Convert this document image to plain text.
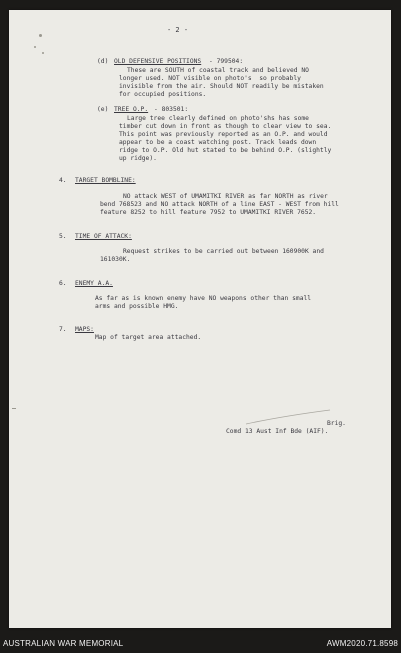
- 2 -
(d) OLD DEFENSIVE POSITIONS - 799504:
These are SOUTH of coastal track and believed NO
longer used. NOT visible on photo's  so probably
invisible from the air. Should NOT readily be mistaken
for occupied positions.
(e) TREE O.P. - 803501:
Large tree clearly defined on photo'shs has some
timber cut down in front as though to clear view to sea.
This point was previously reported as an O.P. and would
appear to be a coast watching post. Track leads down
ridge to O.P. Old hut stated to be behind O.P. (slightly
up ridge).
4. TARGET BOMBLINE:
NO attack WEST of UMAMITKI RIVER as far NORTH as river
bend 768523 and NO attack NORTH of a line EAST - WEST from hill
feature 8252 to hill feature 7952 to UMAMITKI RIVER 7652.
5. TIME OF ATTACK:
Request strikes to be carried out between 160900K and
161030K.
6. ENEMY A.A.
As far as is known enemy have NO weapons other than small
arms and possible HMG.
7. MAPS:
Map of target area attached.
Brig.
Comd 13 Aust Inf Bde (AIF).
AUSTRALIAN WAR MEMORIAL	AWM2020.71.8598
